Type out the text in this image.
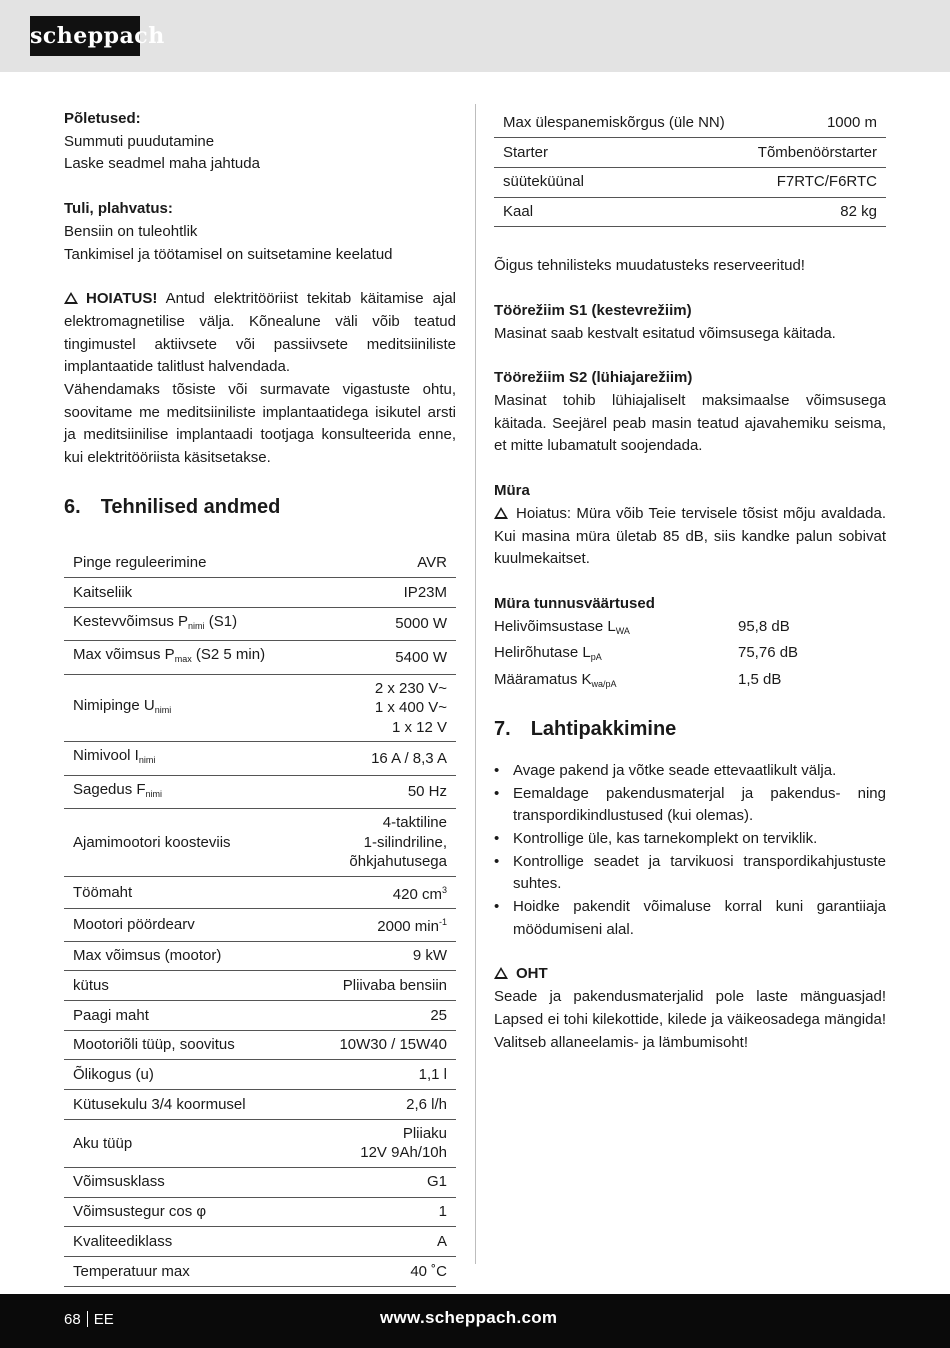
scheppach

Põletused:

Summuti puudutamine

Laske seadmel maha jahtuda

Tuli, plahvatus:

Bensiin on tuleohtlik

Tankimisel ja töötamisel on suitsetamine keelatud

HOIATUS! Antud elektritööriist tekitab käitamise ajal elektromagnetilise välja. Kõnealune väli võib teatud tingimustel aktiivsete või passiivsete meditsiiniliste implantaatide talitlust halvendada.

Vähendamaks tõsiste või surmavate vigastuste ohtu, soovitame me meditsiiniliste implantaatidega isikutel arsti ja meditsiinilise implantaadi tootjaga konsulteerida enne, kui elektritööriista käsitsetakse.

6. Tehnilised andmed
Pinge reguleerimine	AVR
Kaitseliik	IP23M
Kestevvõimsus $P_{nimi}$ (S1)	5000 W
Max võimsus $P_{max}$ (S2 5 min)	5400 W
Nimipinge $U_{nimi}$	2 x 230 V~
1 x 400 V~
1 x 12 V

Nimivool $I_{nimi}$	16 A / 8,3 A
Sagedus $F_{nimi}$	50 Hz
Ajamimootori koosteviis	4-taktiline
1-silindriline,
õhkjahutusega

Töömaht	420 $cm^3$
Mootori pöördearv	2000 $\min^{-1}$
Max võimsus (mootor)	9 kW
kütus	Pliivaba bensiin
Paagi maht	25
Mootoriõli tüüp, soovitus	10W30 / 15W40
Õlikogus (u)	1,1 l
Kütusekulu 3/4 koormusel	2,6 l/h
Aku tüüp	Pliiaku
12V 9Ah/10h

Võimsusklass	G1
Võimsustegur cos φ	1
Kvaliteediklass	A
Temperatuur max	40 ˚C
Max ülespanemiskõrgus (üle NN)	1000 m
Starter	Tõmbenöörstarter
süüteküünal	F7RTC/F6RTC
Kaal	82 kg

Õigus tehnilisteks muudatusteks reserveeritud!

Töörežiim S1 (kestevrežiim)

Masinat saab kestvalt esitatud võimsusega käitada.

Töörežiim S2 (lühiajarežiim)

Masinat tohib lühiajaliselt maksimaalse võimsusega käitada. Seejärel peab masin teatud ajavahemiku seisma, et mitte lubamatult soojendada.

Müra

Hoiatus: Müra võib Teie tervisele tõsist mõju avaldada. Kui masina müra ületab 85 dB, siis kandke palun sobivat kuulmekaitset.

Müra tunnusväärtused

Helivõimsustase $L_{WA}$	95,8 dB
Helirõhutase $L_{pA}$	75,76 dB
Määramatus $K_{wa/pA}$	1,5 dB
7. Lahtipakkimine
• Avage pakend ja võtke seade ettevaatlikult välja.
• Eemaldage pakendusmaterjal ja pakendus- ning transpordikindlustused (kui olemas).
• Kontrollige üle, kas tarnekomplekt on terviklik.
• Kontrollige seadet ja tarvikuosi transpordikahjustuste suhtes.
• Hoidke pakendit võimaluse korral kuni garantiiaja möödumiseni alal.

OHT

Seade ja pakendusmaterjalid pole laste mänguasjad! Lapsed ei tohi kilekottide, kilede ja väikeosadega mängida! Valitseb allaneelamis- ja lämbumisoht!

68 EE	www.scheppach.com
